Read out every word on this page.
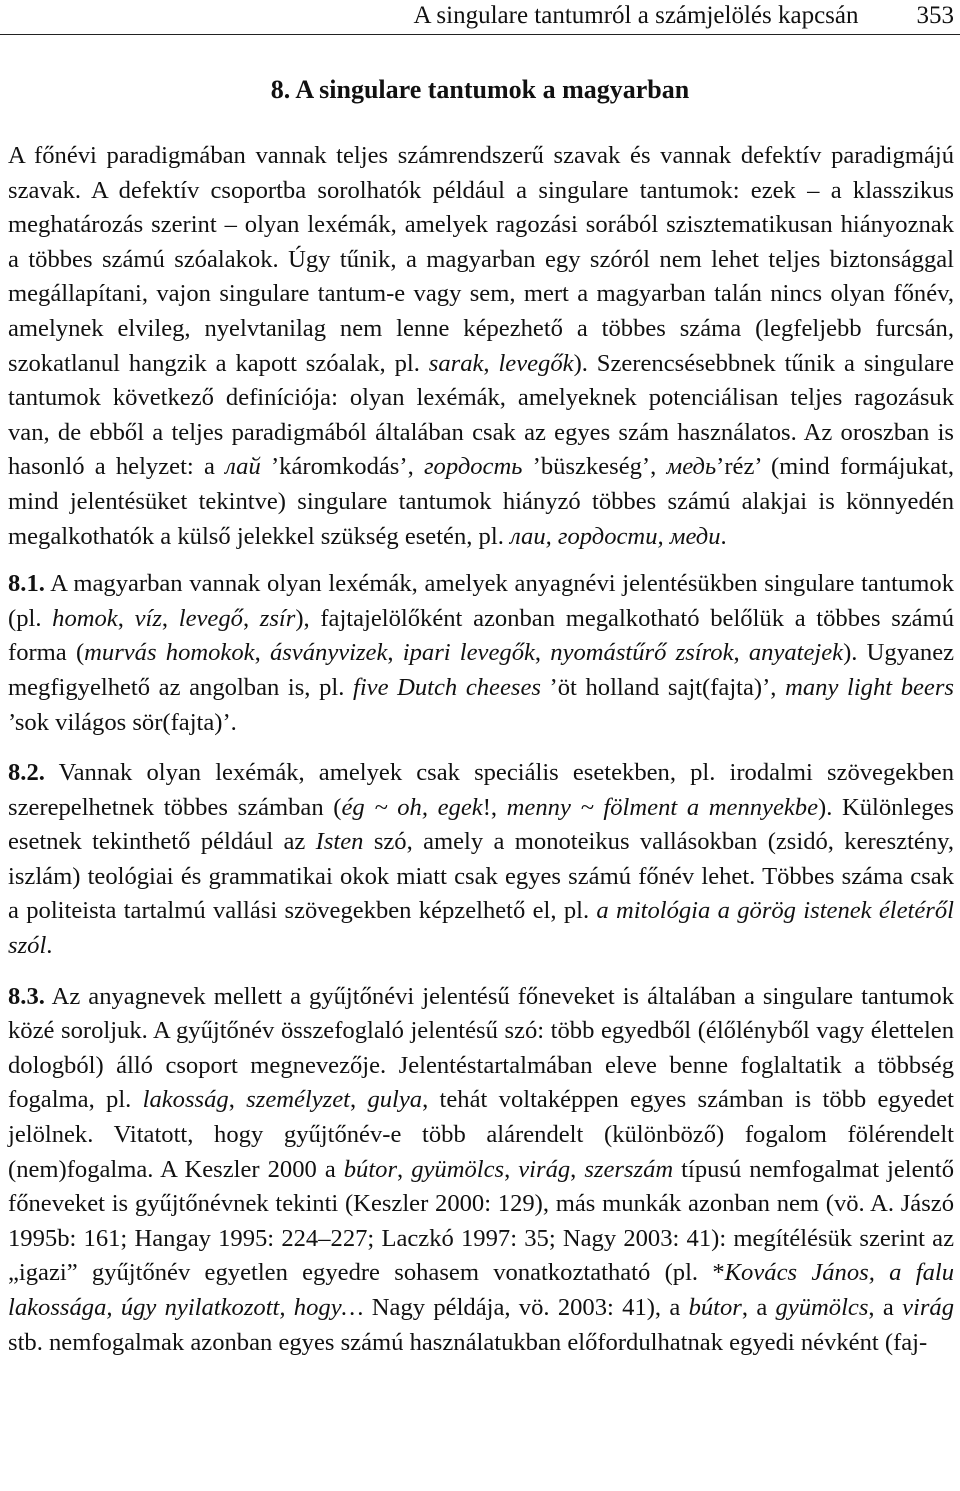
A singulare tantumról a számjelölés kapcsán 353
8. A singulare tantumok a magyarban

A főnévi paradigmában vannak teljes számrendszerű szavak és vannak defektív paradigmájú szavak. A defektív csoportba sorolhatók például a singulare tantumok: ezek – a klasszikus meghatározás szerint – olyan lexémák, amelyek ragozási sorából szisztematikusan hiányoznak a többes számú szóalakok. Úgy tűnik, a magyarban egy szóról nem lehet teljes biztonsággal megállapítani, vajon singulare tantum-e vagy sem, mert a magyarban talán nincs olyan főnév, amelynek elvileg, nyelvtanilag nem lenne képezhető a többes száma (legfeljebb furcsán, szokatlanul hangzik a kapott szóalak, pl. sarak, levegők). Szerencsésebbnek tűnik a singulare tantumok következő definíciója: olyan lexémák, amelyeknek potenciálisan teljes ragozásuk van, de ebből a teljes paradigmából általában csak az egyes szám használatos. Az oroszban is hasonló a helyzet: a лай ’káromkodás’, гордость ’büszkeség’, медь’réz’ (mind formájukat, mind jelentésüket tekintve) singulare tantumok hiányzó többes számú alakjai is könnyedén megalkothatók a külső jelekkel szükség esetén, pl. лаи, гордости, меди.

8.1. A magyarban vannak olyan lexémák, amelyek anyagnévi jelentésükben singulare tantumok (pl. homok, víz, levegő, zsír), fajtajelölőként azonban megalkotható belőlük a többes számú forma (murvás homokok, ásványvizek, ipari levegők, nyomástűrő zsírok, anyatejek). Ugyanez megfigyelhető az angolban is, pl. five Dutch cheeses ’öt holland sajt(fajta)’, many light beers ’sok világos sör(fajta)’.

8.2. Vannak olyan lexémák, amelyek csak speciális esetekben, pl. irodalmi szövegekben szerepelhetnek többes számban (ég ~ oh, egek!, menny ~ fölment a mennyekbe). Különleges esetnek tekinthető például az Isten szó, amely a monoteikus vallásokban (zsidó, keresztény, iszlám) teológiai és grammatikai okok miatt csak egyes számú főnév lehet. Többes száma csak a politeista tartalmú vallási szövegekben képzelhető el, pl. a mitológia a görög istenek életéről szól.

8.3. Az anyagnevek mellett a gyűjtőnévi jelentésű főneveket is általában a singulare tantumok közé soroljuk. A gyűjtőnév összefoglaló jelentésű szó: több egyedből (élőlényből vagy élettelen dologból) álló csoport megnevezője. Jelentéstartalmában eleve benne foglaltatik a többség fogalma, pl. lakosság, személyzet, gulya, tehát voltaképpen egyes számban is több egyedet jelölnek. Vitatott, hogy gyűjtőnév-e több alárendelt (különböző) fogalom fölérendelt (nem)fogalma. A Keszler 2000 a bútor, gyümölcs, virág, szerszám típusú nemfogalmat jelentő főneveket is gyűjtőnévnek tekinti (Keszler 2000: 129), más munkák azonban nem (vö. A. Jászó 1995b: 161; Hangay 1995: 224–227; Laczkó 1997: 35; Nagy 2003: 41): megítélésük szerint az „igazi” gyűjtőnév egyetlen egyedre sohasem vonatkoztatható (pl. *Kovács János, a falu lakossága, úgy nyilatkozott, hogy… Nagy példája, vö. 2003: 41), a bútor, a gyümölcs, a virág stb. nemfogalmak azonban egyes számú használatukban előfordulhatnak egyedi névként (faj-
